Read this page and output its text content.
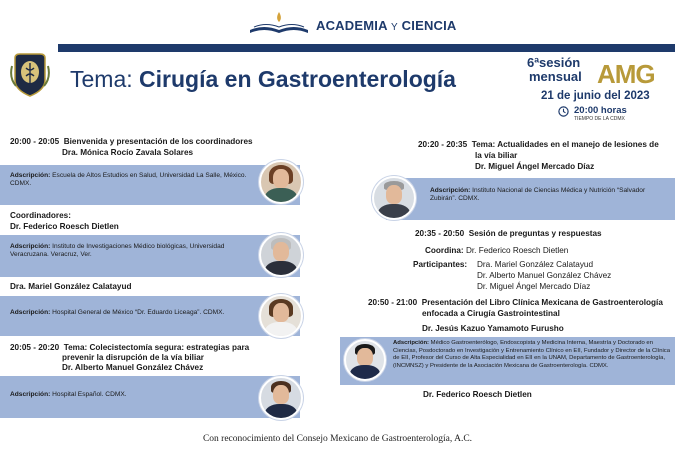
ACADEMIA Y CIENCIA
Tema: Cirugía en Gastroenterología
6ªsesión
mensual AMG
21 de junio del 2023
20:00 horas
TIEMPO DE LA CDMX
20:00 - 20:05 Bienvenida y presentación de los coordinadores
Dra. Mónica Rocío Zavala Solares
Adscripción: Escuela de Altos Estudios en Salud, Universidad La Salle, México. CDMX.
Coordinadores:
Dr. Federico Roesch Dietlen
Adscripción: Instituto de Investigaciones Médico biológicas, Universidad Veracruzana. Veracruz, Ver.
Dra. Mariel González Calatayud
Adscripción: Hospital General de México “Dr. Eduardo Liceaga”. CDMX.
20:05 - 20:20 Tema: Colecistectomía segura: estrategias para
prevenir la disrupción de la vía biliar
Dr. Alberto Manuel González Chávez
Adscripción: Hospital Español. CDMX.
20:20 - 20:35 Tema: Actualidades en el manejo de lesiones de
la vía biliar
Dr. Miguel Ángel Mercado Díaz
Adscripción: Instituto Nacional de Ciencias Médica y Nutrición “Salvador Zubirán”. CDMX.
20:35 - 20:50 Sesión de preguntas y respuestas
Coordina: Dr. Federico Roesch Dietlen
Participantes: Dra. Mariel González Calatayud
Dr. Alberto Manuel González Chávez
Dr. Miguel Ángel Mercado Díaz
20:50 - 21:00 Presentación del Libro Clínica Mexicana de Gastroenterología
enfocada a Cirugía Gastrointestinal
Dr. Jesús Kazuo Yamamoto Furusho
Adscripción: Médico Gastroenterólogo, Endoscopista y Medicina Interna, Maestría y Doctorado en Ciencias, Posdoctorado en Investigación y Entrenamiento Clínico en EII, Fundador y Director de la Clínica de EII, Profesor del Curso de Alta Especialidad en EII en la UNAM, Departamento de Gastroenterología, (INCMNSZ) y Presidente de la Asociación Mexicana de Gastroenterología. CDMX.
Dr. Federico Roesch Dietlen
Con reconocimiento del Consejo Mexicano de Gastroenterología, A.C.
